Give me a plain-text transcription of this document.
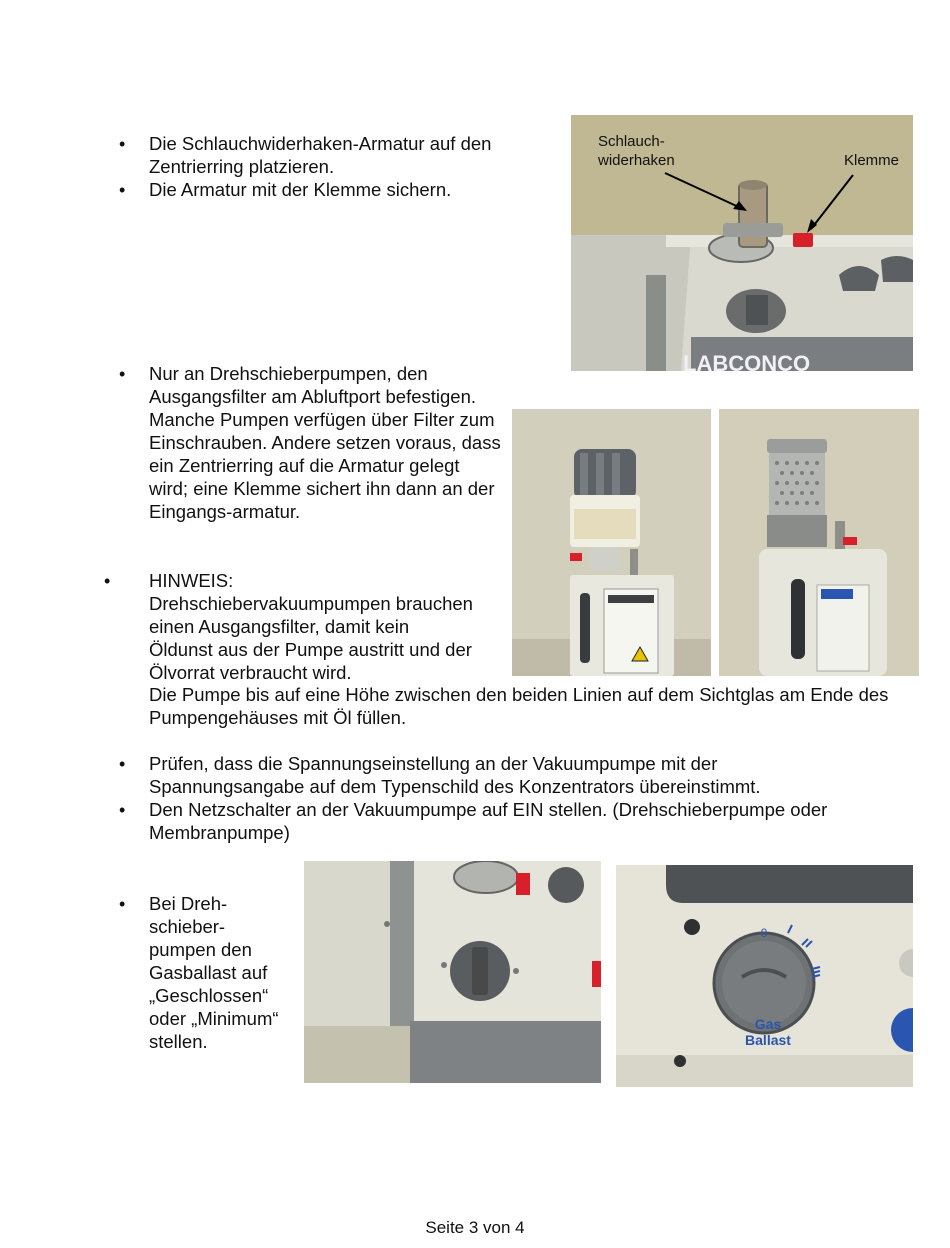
• Die Schlauchwiderhaken-Armatur auf den Zentrierring platzieren.
• Die Armatur mit der Klemme sichern.
LABCONCO
Schlauch-
widerhaken	Klemme
• Nur an Drehschieberpumpen, den Ausgangsfilter am Abluftport befestigen. Manche Pumpen verfügen über Filter zum Einschrauben. Andere setzen voraus, dass ein Zentrierring auf die Armatur gelegt wird; eine Klemme sichert ihn dann an der Eingangs-armatur.
• HINWEIS:
Drehschiebervakuumpumpen brauchen
einen Ausgangsfilter, damit kein
Öldunst aus der Pumpe austritt und der
Ölvorrat verbraucht wird.
Die Pumpe bis auf eine Höhe zwischen den beiden Linien auf dem Sichtglas am Ende des Pumpengehäuses mit Öl füllen.
• Prüfen, dass die Spannungseinstellung an der Vakuumpumpe mit der Spannungsangabe auf dem Typenschild des Konzentrators übereinstimmt.
• Den Netzschalter an der Vakuumpumpe auf EIN stellen. (Drehschieberpumpe oder Membranpumpe)
• Bei Dreh-
schieber-
pumpen den
Gasballast auf
„Geschlossen“
oder „Minimum“
stellen.
0
Gas
Ballast
Seite 3 von 4
